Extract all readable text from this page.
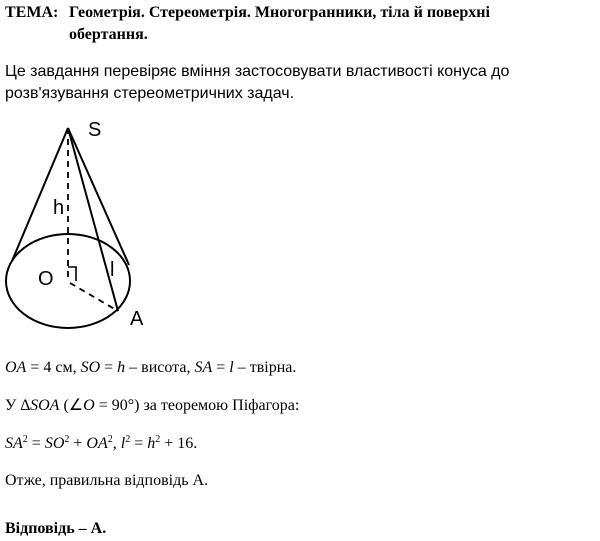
ТЕМА: Геометрія. Стереометрія. Многогранники, тіла й поверхні
обертання.
Це завдання перевіряє вміння застосовувати властивості конуса до розв'язування стереометричних задач.
S
h
O	l
A
OA = 4 см, SO = h – висота, SA = l – твірна.
У ∆SOA (∠O = 90°) за теоремою Піфагора:
$SA^2 = SO^2 + OA^2$, $l^2 = h^2 + 16$.
Отже, правильна відповідь А.
Відповідь – А.
